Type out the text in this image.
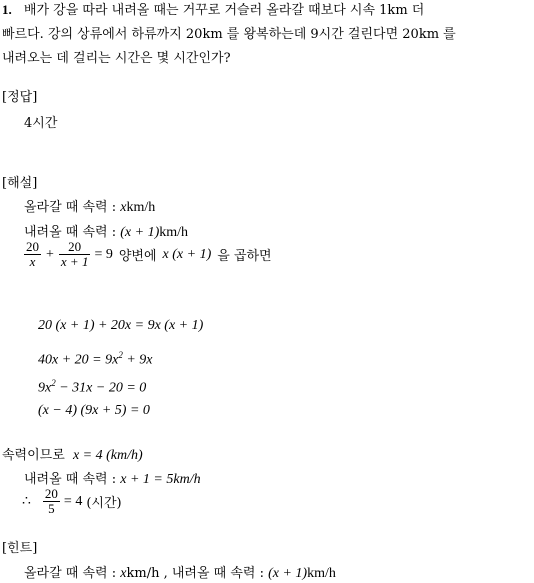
1. 배가 강을 따라 내려올 때는 거꾸로 거슬러 올라갈 때보다 시속 1km 더
빠르다. 강의 상류에서 하류까지 20km 를 왕복하는데 9시간 걸린다면 20km 를
내려오는 데 걸리는 시간은 몇 시간인가?
[정답]
4시간
[해설]
올라갈 때 속력 : xkm/h
내려올 때 속력 : (x + 1)km/h
$\frac{20}{x} + \frac{20}{x + 1} = 9$ 양변에 x (x + 1) 을 곱하면
20 (x + 1) + 20x = 9x (x + 1)
$40x + 20 = 9x^2 + 9x$
$9x^2 - 31x - 20 = 0$
(x − 4) (9x + 5) = 0
속력이므로 x = 4 (km/h)
내려올 때 속력 : x + 1 = 5km/h
∴ $\frac{20}{5} = 4$ (시간)
[힌트]
올라갈 때 속력 : xkm/h , 내려올 때 속력 : (x + 1)km/h
